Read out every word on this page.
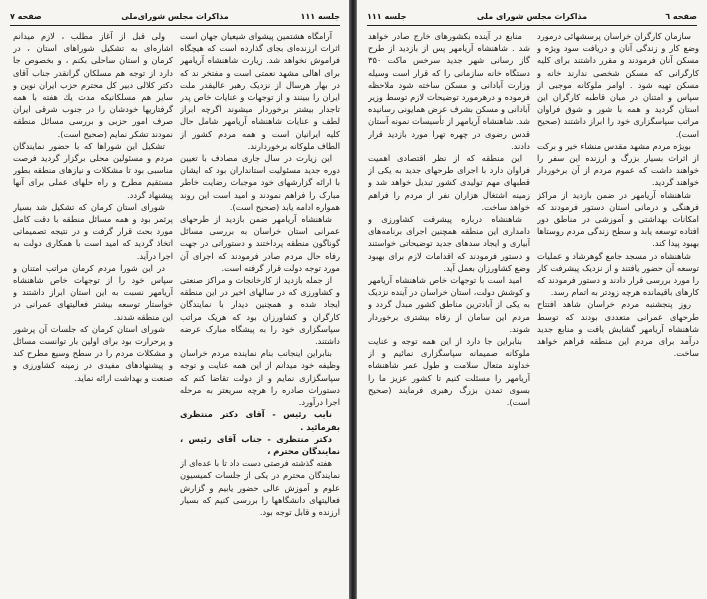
جلسه ۱۱۱
مذاکرات مجلس شورای‌ملی
صفحه ۷

آرامگاه هشتمین پیشوای شیعیان جهان است اثرات ارزنده‌ای بجای گذارده است که هیچگاه فراموش نخواهد شد. زیارت شاهنشاه آریامهر برای اهالی مشهد نعمتی است و مفتخر ند که در بهار هرسال از نزدیک رهبر عالیقدر ملت ایران را ببینند و از توجهات و عنایات خاص پدر تاجدار بیشتر برخوردار میشوند اگرچه ابراز لطف و عنایات شاهنشاه آریامهر شامل حال کلیه ایرانیان است و همه مردم کشور از الطاف ملوکانه برخوردارند.

این زیارت در سال جاری مصادف با تعیین دوره جدید مسئولیت استانداران بود که ایشان با ارائه گزارشهای خود موجبات رضایت خاطر مبارک را فراهم نمودند و امید است این روند همواره ادامه یابد (صحیح است).

شاهنشاه آریامهر ضمن بازدید از طرحهای عمرانی استان خراسان به بررسی مسائل گوناگون منطقه پرداختند و دستوراتی در جهت رفاه حال مردم صادر فرمودند که اجرای آن مورد توجه دولت قرار گرفته است.

از جمله بازدید از کارخانجات و مراکز صنعتی و کشاورزی که در سالهای اخیر در این منطقه ایجاد شده و همچنین دیدار با نمایندگان کارگران و کشاورزان بود که هریک مراتب سپاسگزاری خود را به پیشگاه مبارک عرضه داشتند.

بنابراین اینجانب بنام نماینده مردم خراسان وظیفه خود میدانم از این همه عنایت و توجه سپاسگزاری نمایم و از دولت تقاضا کنم که دستورات صادره را هرچه سریعتر به مرحله اجرا درآورد.

نایب رئیس - آقای دکتر منتظری بفرمائید .

دکتر منتظری - جناب آقای رئیس ، نمایندگان محترم ،

هفته گذشته فرصتی دست داد تا با عده‌ای از نمایندگان محترم در یکی از جلسات کمیسیون علوم و آموزش عالی حضور یابیم و گزارش فعالیتهای دانشگاهها را بررسی کنیم که بسیار ارزنده و قابل توجه بود.

ولی قبل از آغاز مطلب ، لازم میدانم اشاره‌ای به تشکیل شوراهای استان ، در کرمان و استان ساحلی بکنم ، و بخصوص جا دارد از توجه هم مسلکان گرانقدر جناب آقای دکتر کلالی دبیر کل محترم حزب ایران نوین و سایر هم مسلکانیکه مدت یك هفته با همه گرفتاریها خودشان را در جنوب شرقی ایران صرف امور حزبی و بررسی مسائل منطقه نمودند تشکر نمایم (صحیح است).

تشکیل این شوراها که با حضور نمایندگان مردم و مسئولین محلی برگزار گردید فرصت مناسبی بود تا مشکلات و نیازهای منطقه بطور مستقیم مطرح و راه حلهای عملی برای آنها پیشنهاد گردد.

شورای استان کرمان که تشکیل شد بسیار پرثمر بود و همه مسائل منطقه با دقت کامل مورد بحث قرار گرفت و در نتیجه تصمیماتی اتخاذ گردید که امید است با همکاری دولت به اجرا درآید.

در این شورا مردم کرمان مراتب امتنان و سپاس خود را از توجهات خاص شاهنشاه آریامهر نسبت به این استان ابراز داشتند و خواستار توسعه بیشتر فعالیتهای عمرانی در این منطقه شدند.

شورای استان کرمان که جلسات آن پرشور و پرحرارت بود برای اولین بار توانست مسائل و مشکلات مردم را در سطح وسیع مطرح کند و پیشنهادهای مفیدی در زمینه کشاورزی و صنعت و بهداشت ارائه نماید.

صفحه ٦
مذاکرات مجلس شورای ملی
جلسه ۱۱۱

سازمان کارگران خراسان پرسشهائی درمورد وضع کار و زندگی آنان و دریافت سود ویژه و مسکن آنان فرمودند و مقرر داشتند برای کلیه کارگرانی که مسکن شخصی ندارند خانه و مسکن تهیه شود . اوامر ملوکانه موجبی از سپاس و امتنان در میان قاطبه کارگران این استان گردید و همه با شور و شوق فراوان مراتب سپاسگزاری خود را ابراز داشتند (صحیح است).

بویژه مردم مشهد مقدس منشاء خیر و برکت از اثرات بسیار بزرگ و ارزنده این سفر را خواهند داشت که عموم مردم از آن برخوردار خواهند گردید.

شاهنشاه آریامهر در ضمن بازدید از مراکز فرهنگی و درمانی استان دستور فرمودند که امکانات بهداشتی و آموزشی در مناطق دور افتاده توسعه یابد و سطح زندگی مردم روستاها بهبود پیدا کند.

شاهنشاه در مسجد جامع گوهرشاد و عملیات توسعه آن حضور یافتند و از نزدیک پیشرفت کار را مورد بررسی قرار دادند و دستور فرمودند که کارهای باقیمانده هرچه زودتر به اتمام رسد.

روز پنجشنبه مردم خراسان شاهد افتتاح طرحهای عمرانی متعددی بودند که توسط شاهنشاه آریامهر گشایش یافت و منابع جدید درآمد برای مردم این منطقه فراهم خواهد ساخت.

منابع در آینده بکشورهای خارج صادر خواهد شد . شاهنشاه آریامهر پس از بازدید از طرح گاز رسانی شهر جدید سرخس ماکت ۳۵۰ دستگاه خانه سازمانی را که قرار است وسیله وزارت آبادانی و مسکن ساخته شود ملاحظه فرموده و درهرمورد توضیحات لازم توسط وزیر آبادانی و مسکن بشرف عرض همایونی رسانیده شد. شاهنشاه آریامهر از تأسیسات نمونه آستان قدس رضوی در چهره تهرا مورد بازدید قرار دادند.

این منطقه که از نظر اقتصادی اهمیت فراوان دارد با اجرای طرحهای جدید به یکی از قطبهای مهم تولیدی کشور تبدیل خواهد شد و زمینه اشتغال هزاران نفر از مردم را فراهم خواهد ساخت.

شاهنشاه درباره پیشرفت کشاورزی و دامداری این منطقه همچنین اجرای برنامه‌های آبیاری و ایجاد سدهای جدید توضیحاتی خواستند و دستور فرمودند که اقدامات لازم برای بهبود وضع کشاورزان بعمل آید.

امید است با توجهات خاص شاهنشاه آریامهر و کوشش دولت، استان خراسان در آینده نزدیک به یکی از آبادترین مناطق کشور مبدل گردد و مردم این سامان از رفاه بیشتری برخوردار شوند.

بنابراین جا دارد از این همه توجه و عنایت ملوکانه صمیمانه سپاسگزاری نمائیم و از خداوند متعال سلامت و طول عمر شاهنشاه آریامهر را مسئلت کنیم تا کشور عزیز ما را بسوی تمدن بزرگ رهبری فرمایند (صحیح است).
